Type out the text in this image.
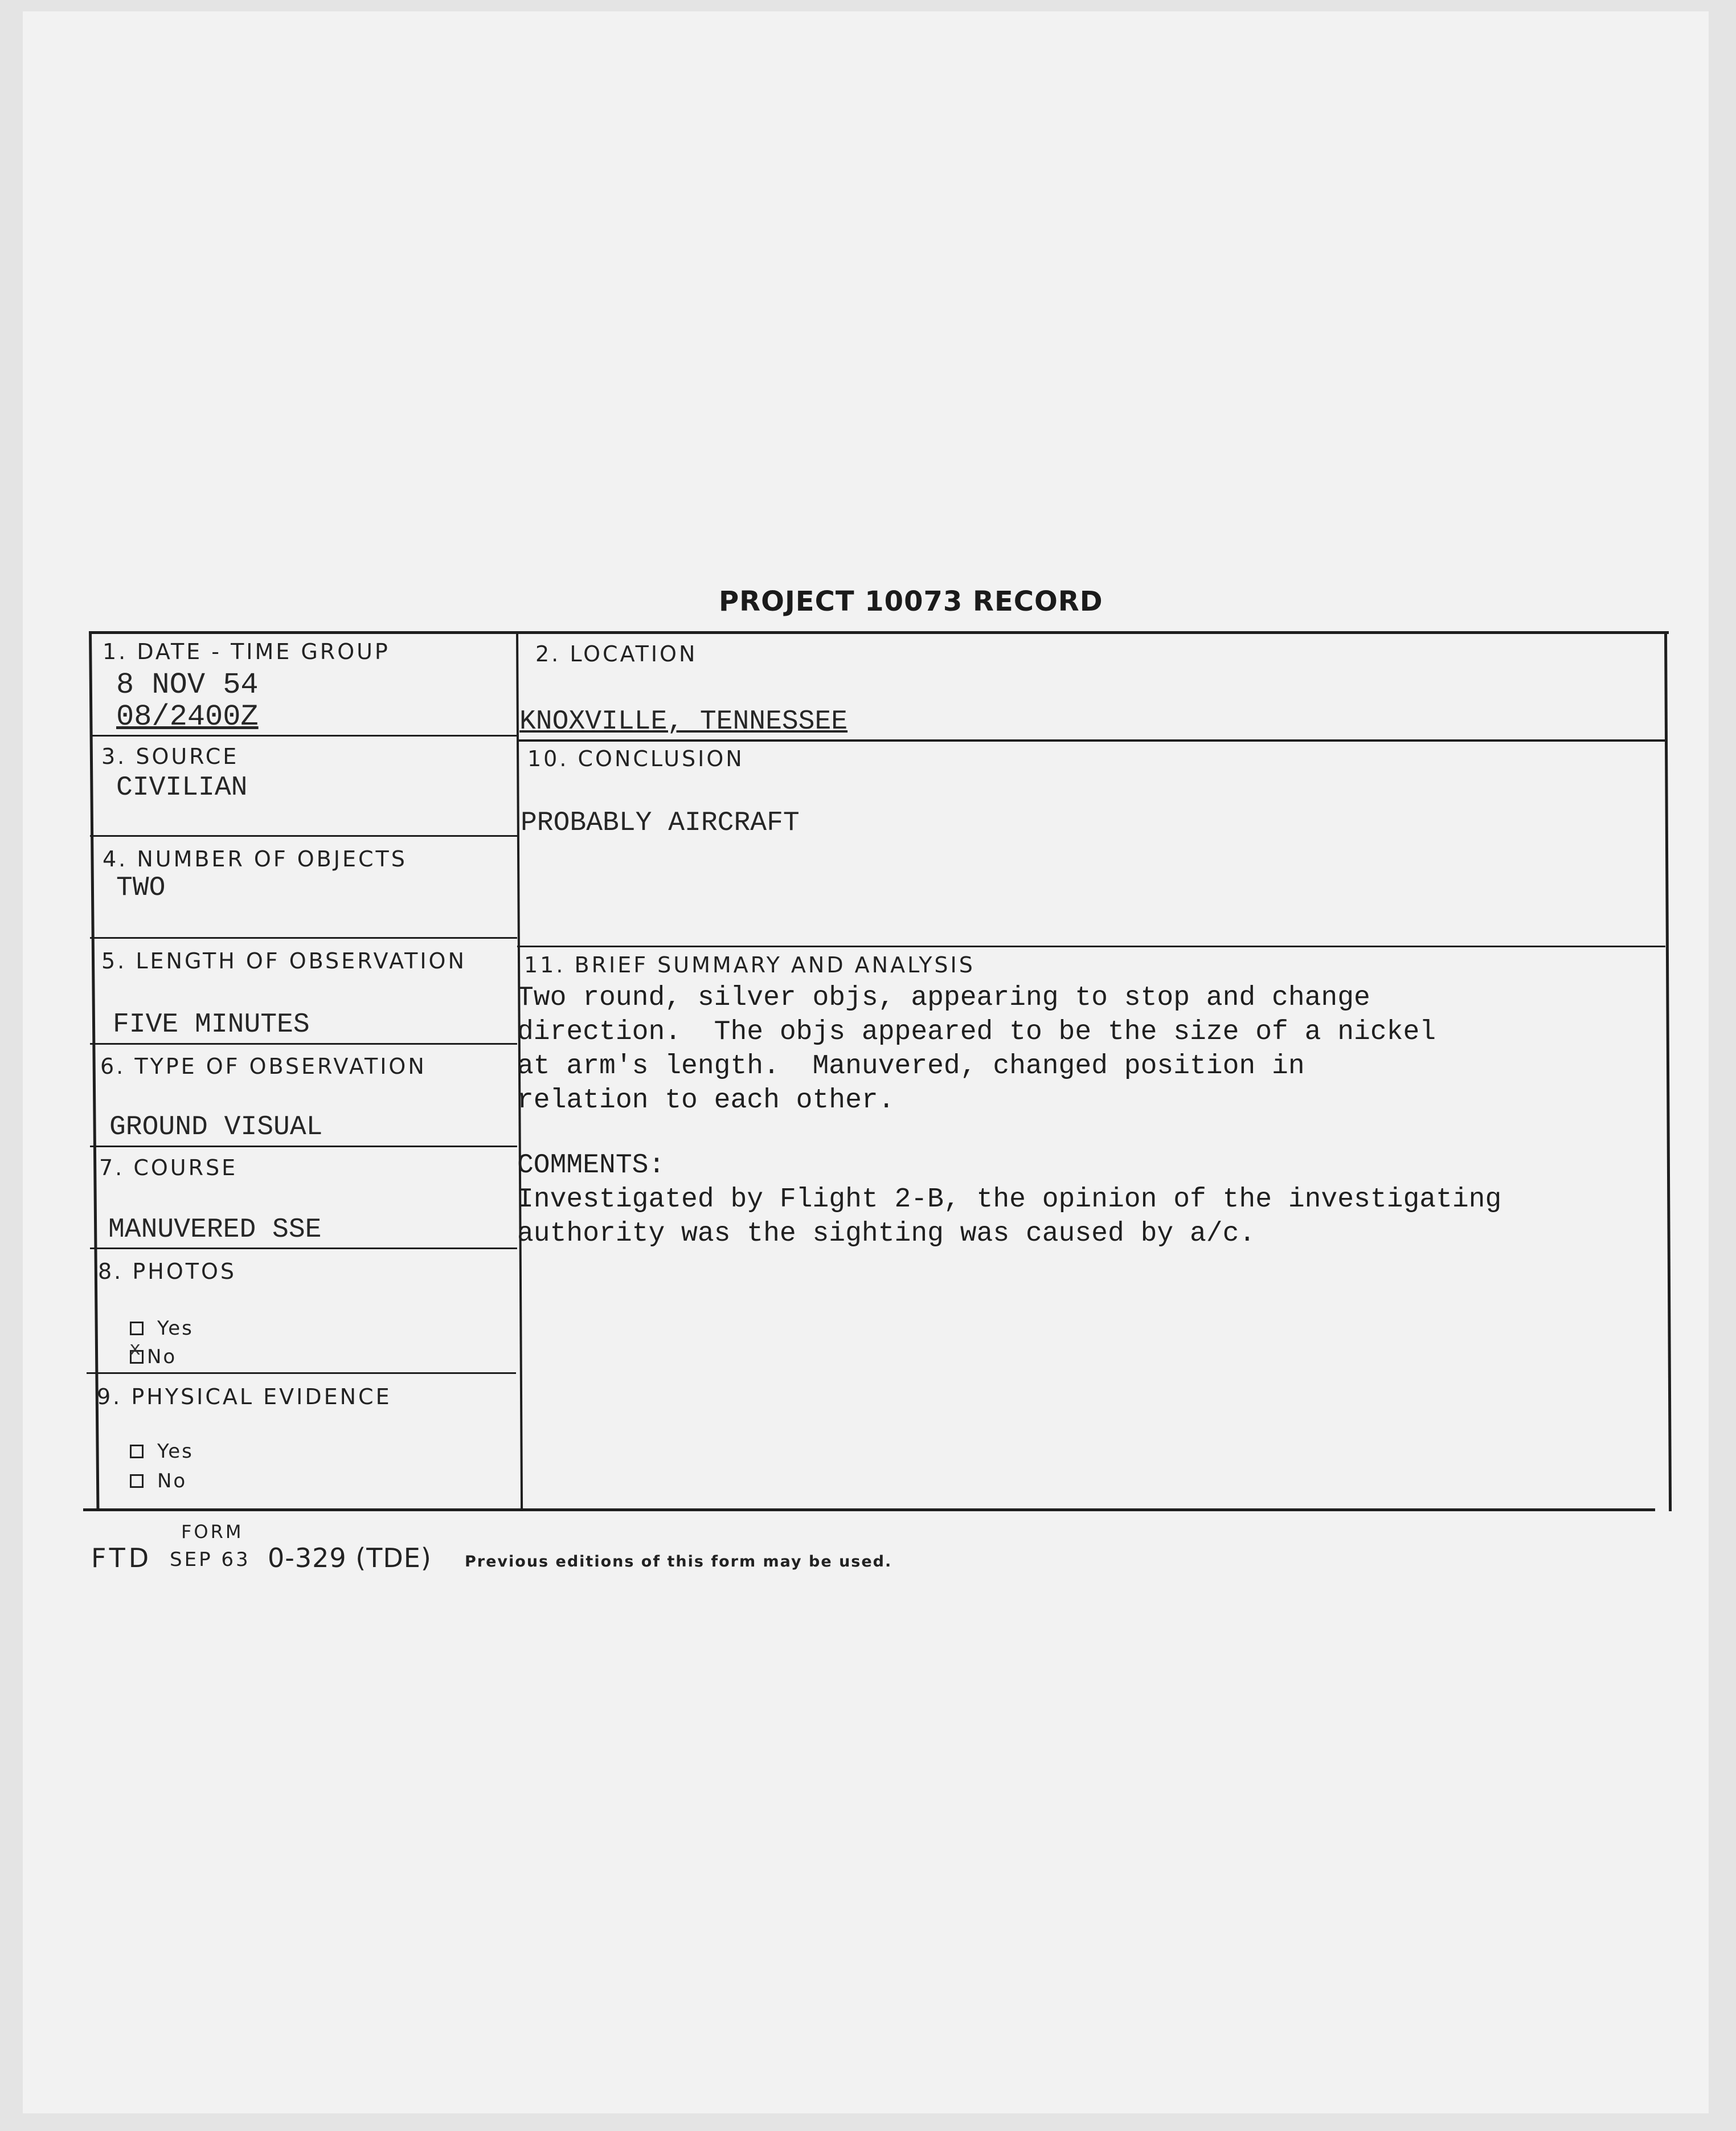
PROJECT 10073 RECORD
1. DATE - TIME GROUP
8 NOV 54
08/2400Z
2. LOCATION
KNOXVILLE, TENNESSEE
3. SOURCE
CIVILIAN
10. CONCLUSION
PROBABLY AIRCRAFT
4. NUMBER OF OBJECTS
TWO
5. LENGTH OF OBSERVATION
FIVE MINUTES
6. TYPE OF OBSERVATION
GROUND VISUAL
7. COURSE
MANUVERED SSE
8. PHOTOS
Yes
x
No
9. PHYSICAL EVIDENCE
Yes
No
11. BRIEF SUMMARY AND ANALYSIS
Two round, silver objs, appearing to stop and change
direction.  The objs appeared to be the size of a nickel
at arm's length.  Manuvered, changed position in
relation to each other.
COMMENTS:
Investigated by Flight 2-B, the opinion of the investigating
authority was the sighting was caused by a/c.
FORM
FTD SEP 63 0-329 (TDE) Previous editions of this form may be used.
